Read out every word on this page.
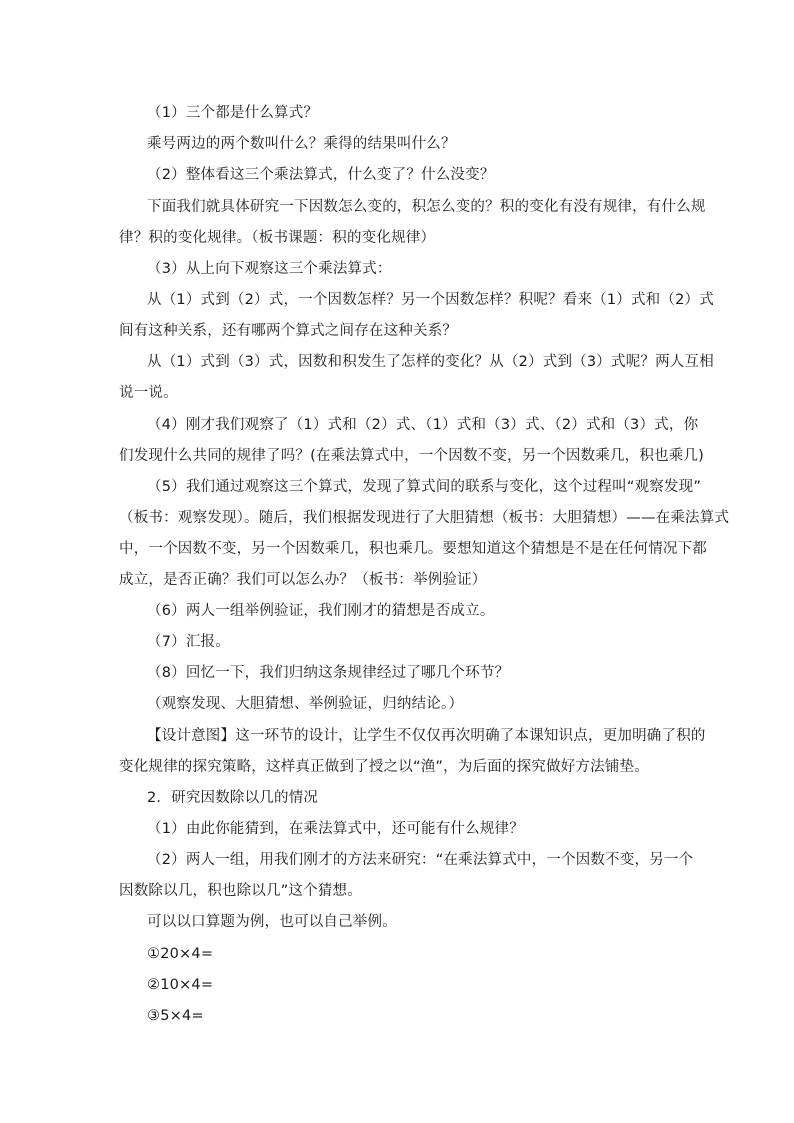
（1）三个都是什么算式？
乘号两边的两个数叫什么？乘得的结果叫什么？
（2）整体看这三个乘法算式，什么变了？什么没变？
下面我们就具体研究一下因数怎么变的，积怎么变的？积的变化有没有规律，有什么规
律？积的变化规律。（板书课题：积的变化规律）
（3）从上向下观察这三个乘法算式：
从（1）式到（2）式，一个因数怎样？另一个因数怎样？积呢？看来（1）式和（2）式
间有这种关系，还有哪两个算式之间存在这种关系？
从（1）式到（3）式，因数和积发生了怎样的变化？从（2）式到（3）式呢？两人互相
说一说。
（4）刚才我们观察了（1）式和（2）式、（1）式和（3）式、（2）式和（3）式，你
们发现什么共同的规律了吗？(在乘法算式中，一个因数不变，另一个因数乘几，积也乘几)
（5）我们通过观察这三个算式，发现了算式间的联系与变化，这个过程叫“观察发现”
（板书：观察发现）。随后，我们根据发现进行了大胆猜想（板书：大胆猜想）——在乘法算式
中，一个因数不变，另一个因数乘几，积也乘几。要想知道这个猜想是不是在任何情况下都
成立，是否正确？我们可以怎么办？（板书：举例验证）
（6）两人一组举例验证，我们刚才的猜想是否成立。
（7）汇报。
（8）回忆一下，我们归纳这条规律经过了哪几个环节？
（观察发现、大胆猜想、举例验证，归纳结论。）
【设计意图】这一环节的设计，让学生不仅仅再次明确了本课知识点，更加明确了积的
变化规律的探究策略，这样真正做到了授之以“渔”，为后面的探究做好方法铺垫。
2．研究因数除以几的情况
（1）由此你能猜到，在乘法算式中，还可能有什么规律？
（2）两人一组，用我们刚才的方法来研究：“在乘法算式中，一个因数不变，另一个
因数除以几，积也除以几”这个猜想。
可以以口算题为例，也可以自己举例。
①20×4=
②10×4=
③5×4=
